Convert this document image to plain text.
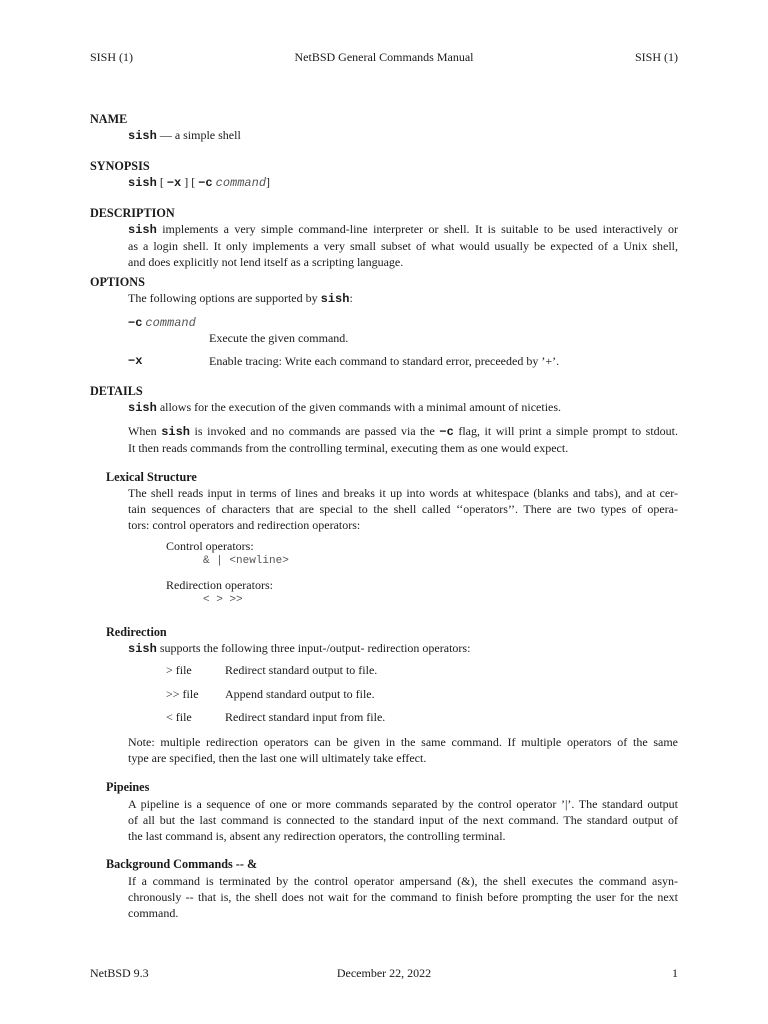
SISH (1)	NetBSD General Commands Manual	SISH (1)
NAME
sish — a simple shell
SYNOPSIS
sish [ −x ] [ −c command]
DESCRIPTION
sish implements a very simple command-line interpreter or shell. It is suitable to be used interactively or
as a login shell. It only implements a very small subset of what would usually be expected of a Unix shell,
and does explicitly not lend itself as a scripting language.
OPTIONS
The following options are supported by sish:
−c command
Execute the given command.
−x	Enable tracing: Write each command to standard error, preceeded by ’+’.
DETAILS
sish allows for the execution of the given commands with a minimal amount of niceties.
When sish is invoked and no commands are passed via the −c flag, it will print a simple prompt to stdout.
It then reads commands from the controlling terminal, executing them as one would expect.
Lexical Structure
The shell reads input in terms of lines and breaks it up into words at whitespace (blanks and tabs), and at cer-
tain sequences of characters that are special to the shell called ‘‘operators’’. There are two types of opera-
tors: control operators and redirection operators:
Control operators:
& | <newline>
Redirection operators:
< > >>
Redirection
sish supports the following three input-/output- redirection operators:
> file	Redirect standard output to file.
>> file Append standard output to file.
< file	Redirect standard input from file.
Note: multiple redirection operators can be given in the same command. If multiple operators of the same
type are specified, then the last one will ultimately take effect.
Pipeines
A pipeline is a sequence of one or more commands separated by the control operator ’|’. The standard output
of all but the last command is connected to the standard input of the next command. The standard output of
the last command is, absent any redirection operators, the controlling terminal.
Background Commands -- &
If a command is terminated by the control operator ampersand (&), the shell executes the command asyn-
chronously -- that is, the shell does not wait for the command to finish before prompting the user for the next
command.
NetBSD 9.3	December 22, 2022	1
